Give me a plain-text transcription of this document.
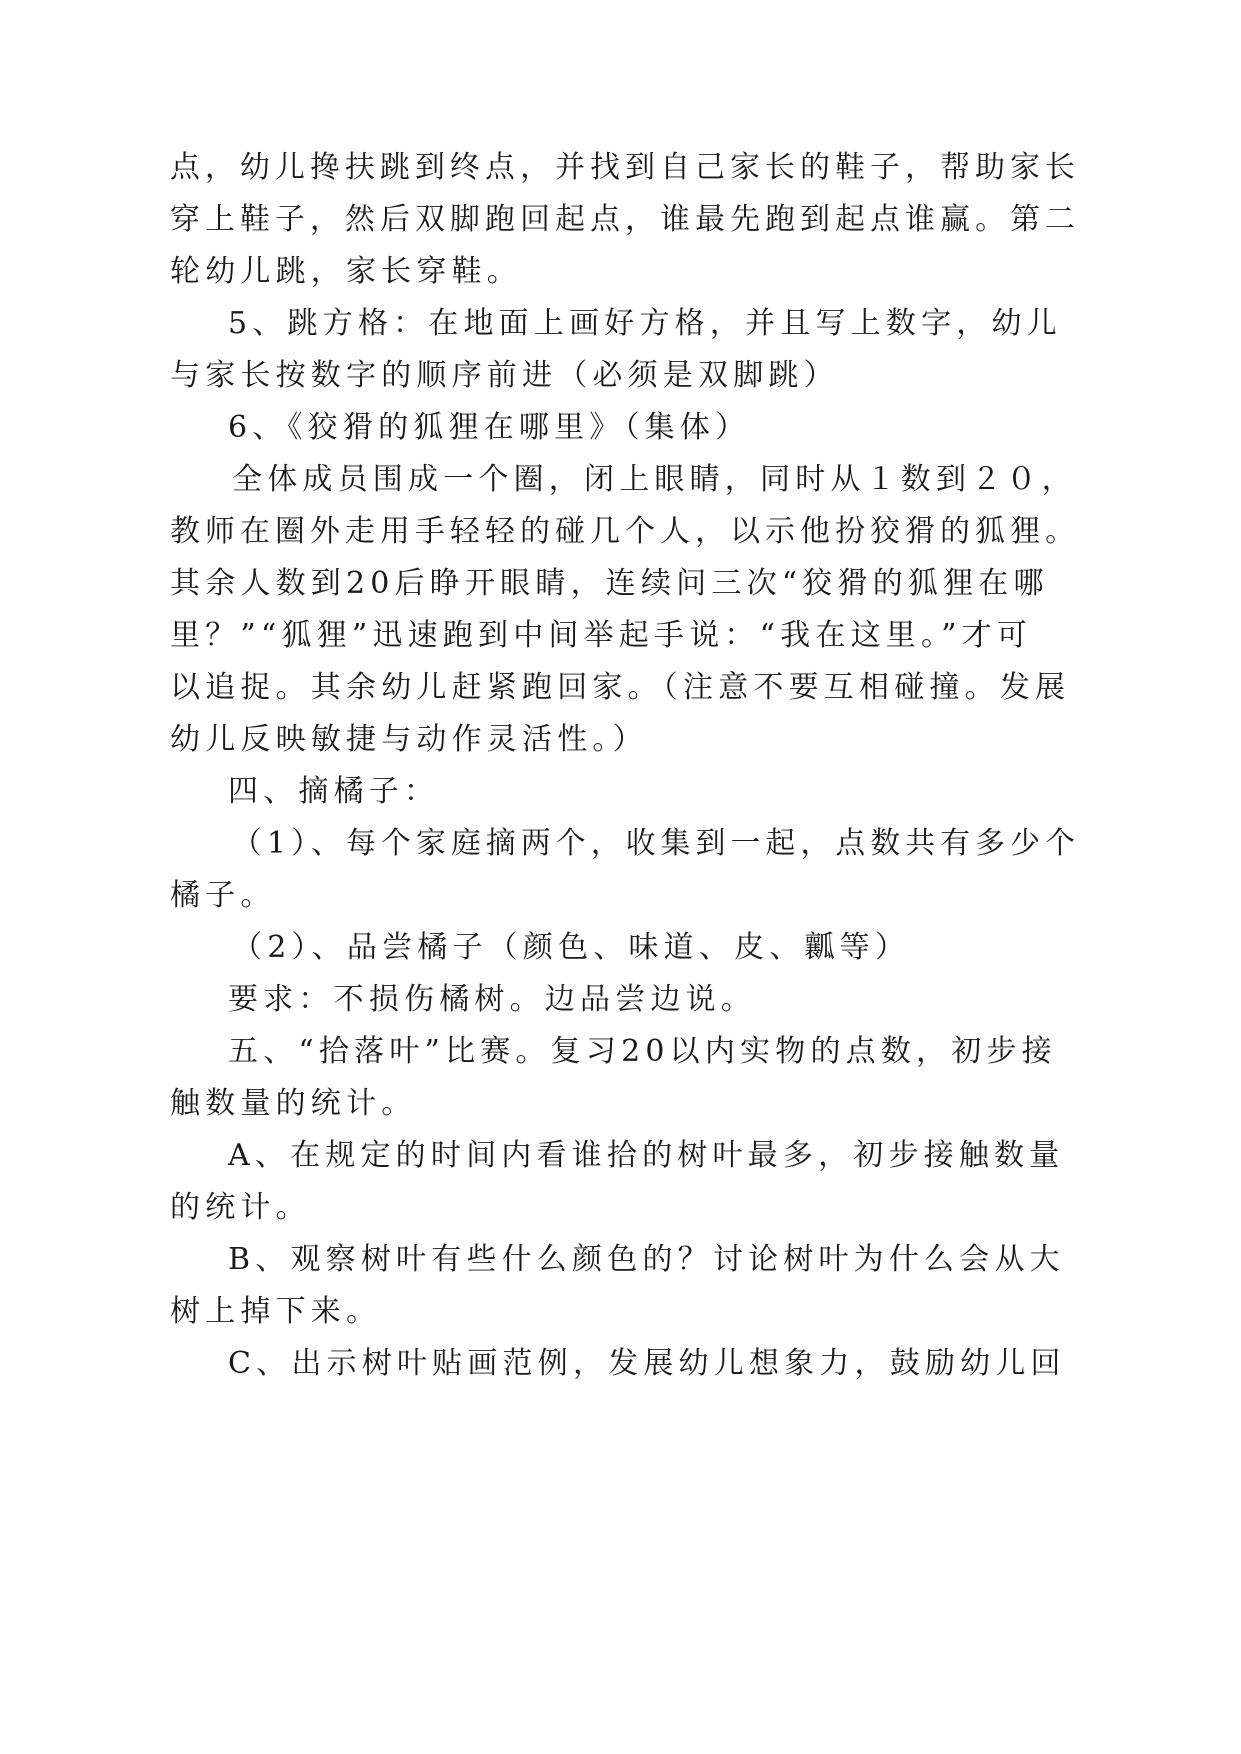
点，幼儿搀扶跳到终点，并找到自己家长的鞋子，帮助家长
穿上鞋子，然后双脚跑回起点，谁最先跑到起点谁赢。第二
轮幼儿跳，家长穿鞋。
5、跳方格：在地面上画好方格，并且写上数字，幼儿
与家长按数字的顺序前进（必须是双脚跳）
6、《狡猾的狐狸在哪里》（集体）
全体成员围成一个圈，闭上眼睛，同时从１数到２０，
教师在圈外走用手轻轻的碰几个人，以示他扮狡猾的狐狸。
其余人数到20后睁开眼睛，连续问三次“狡猾的狐狸在哪
里？”“狐狸”迅速跑到中间举起手说：“我在这里。”才可
以追捉。其余幼儿赶紧跑回家。（注意不要互相碰撞。发展
幼儿反映敏捷与动作灵活性。）
四、摘橘子：
（1）、每个家庭摘两个，收集到一起，点数共有多少个
橘子。
（2）、品尝橘子（颜色、味道、皮、瓤等）
要求：不损伤橘树。边品尝边说。
五、“拾落叶”比赛。复习20以内实物的点数，初步接
触数量的统计。
A、在规定的时间内看谁拾的树叶最多，初步接触数量
的统计。
B、观察树叶有些什么颜色的？讨论树叶为什么会从大
树上掉下来。
C、出示树叶贴画范例，发展幼儿想象力，鼓励幼儿回
